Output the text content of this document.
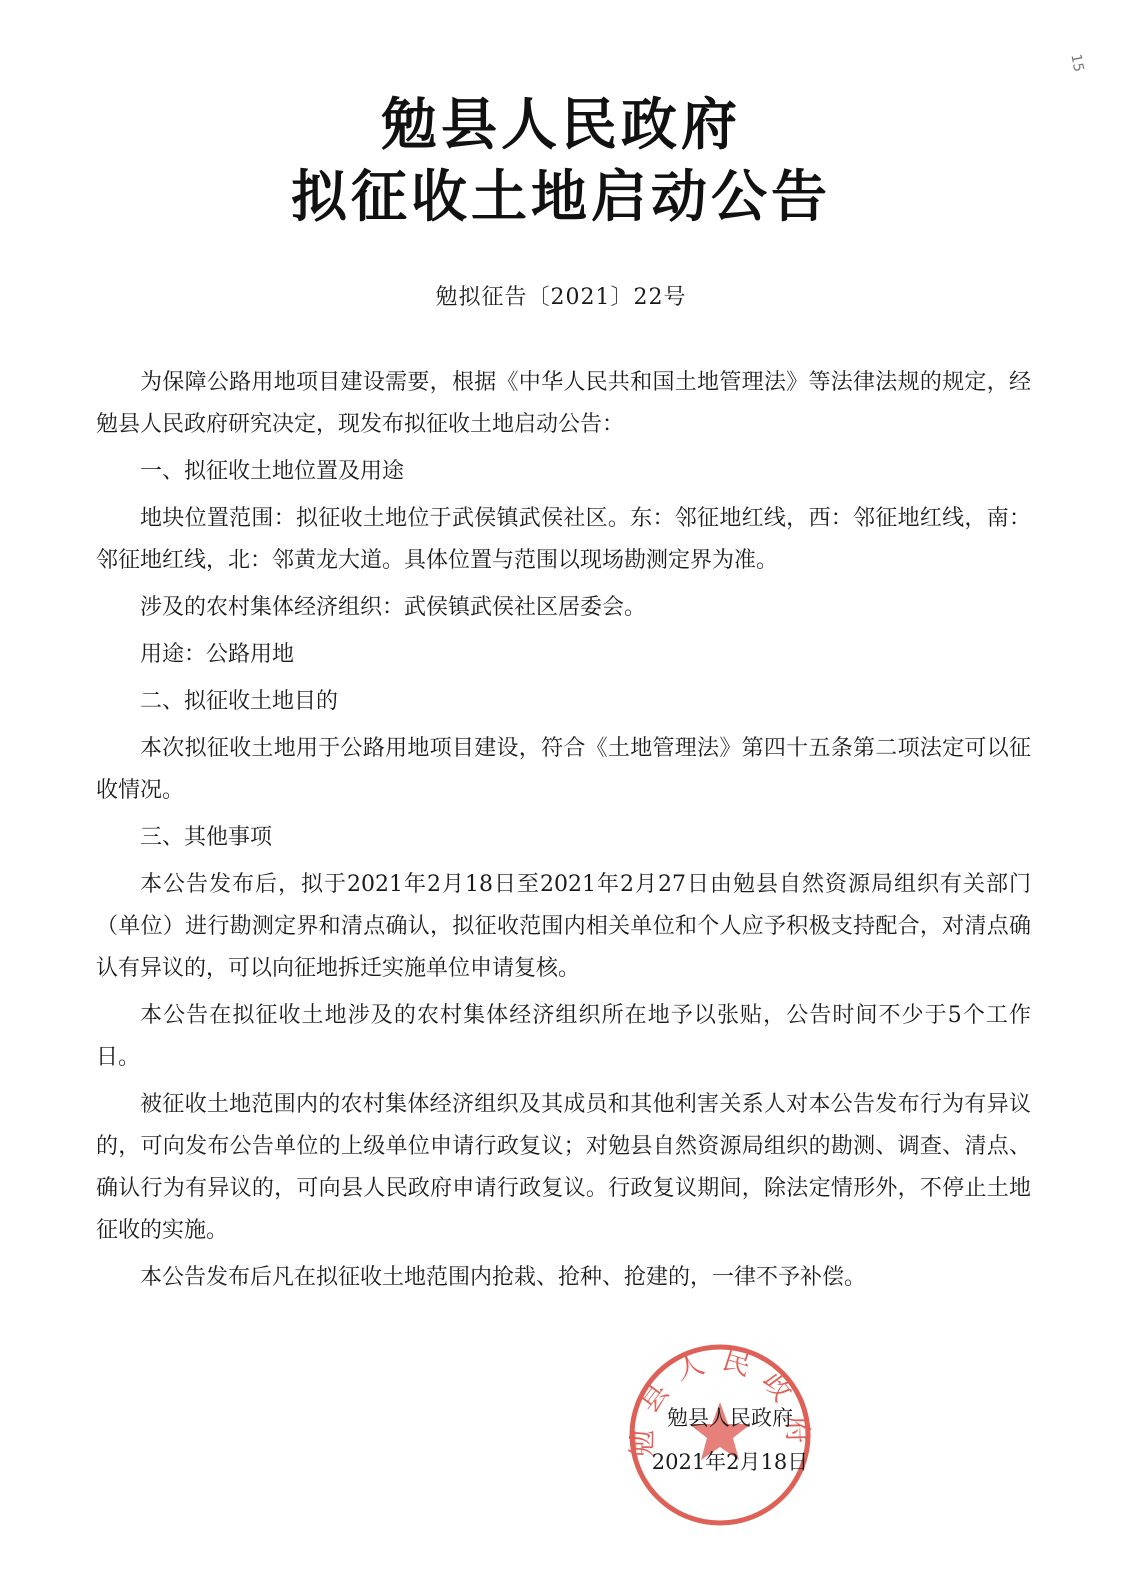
15
勉县人民政府
拟征收土地启动公告
勉拟征告〔2021〕22号

为保障公路用地项目建设需要，根据《中华人民共和国土地管理法》等法律法规的规定，经勉县人民政府研究决定，现发布拟征收土地启动公告：

一、拟征收土地位置及用途

地块位置范围：拟征收土地位于武侯镇武侯社区。东：邻征地红线，西：邻征地红线，南：邻征地红线，北：邻黄龙大道。具体位置与范围以现场勘测定界为准。

涉及的农村集体经济组织：武侯镇武侯社区居委会。

用途：公路用地

二、拟征收土地目的

本次拟征收土地用于公路用地项目建设，符合《土地管理法》第四十五条第二项法定可以征收情况。

三、其他事项

本公告发布后，拟于2021年2月18日至2021年2月27日由勉县自然资源局组织有关部门（单位）进行勘测定界和清点确认，拟征收范围内相关单位和个人应予积极支持配合，对清点确认有异议的，可以向征地拆迁实施单位申请复核。

本公告在拟征收土地涉及的农村集体经济组织所在地予以张贴，公告时间不少于5个工作日。

被征收土地范围内的农村集体经济组织及其成员和其他利害关系人对本公告发布行为有异议的，可向发布公告单位的上级单位申请行政复议；对勉县自然资源局组织的勘测、调查、清点、确认行为有异议的，可向县人民政府申请行政复议。行政复议期间，除法定情形外，不停止土地征收的实施。

本公告发布后凡在拟征收土地范围内抢栽、抢种、抢建的，一律不予补偿。

勉县人民政府
勉县人民政府
2021年2月18日
